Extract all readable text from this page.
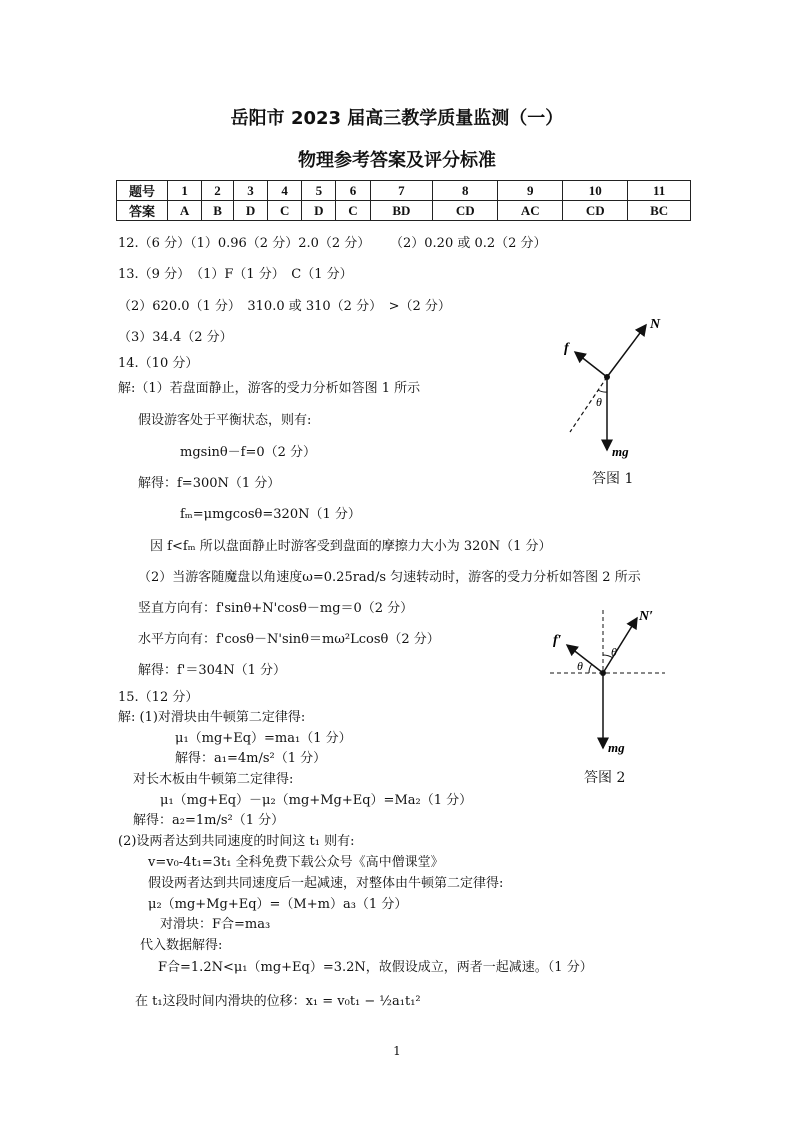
岳阳市 2023 届高三教学质量监测（一）
物理参考答案及评分标准
题号	1	2	3	4	5	6	7	8	9	10	11
答案	A	B	D	C	D	C	BD	CD	AC	CD	BC
12.（6 分）（1）0.96（2 分）2.0（2 分） （2）0.20 或 0.2（2 分）
13.（9 分）　（1）F（1 分）　C（1 分）
（2）620.0（1 分）　310.0 或 310（2 分）　>（2 分）
（3）34.4（2 分）
14.（10 分）
解:（1）若盘面静止，游客的受力分析如答图 1 所示
假设游客处于平衡状态，则有:
mgsinθ－f=0（2 分）
解得：f=300N（1 分）
fₘ=μmgcosθ=320N（1 分）
因 f<fₘ 所以盘面静止时游客受到盘面的摩擦力大小为 320N（1 分）
（2）当游客随魔盘以角速度ω=0.25rad/s 匀速转动时，游客的受力分析如答图 2 所示
竖直方向有：f'sinθ+N'cosθ－mg＝0（2 分）
水平方向有：f'cosθ－N'sinθ＝mω²Lcosθ（2 分）
解得：f'＝304N（1 分）
15.（12 分）
解: (1)对滑块由牛顿第二定律得:
μ₁（mg+Eq）=ma₁（1 分）
解得：a₁=4m/s²（1 分）
对长木板由牛顿第二定律得:
μ₁（mg+Eq）－μ₂（mg+Mg+Eq）=Ma₂（1 分）
解得：a₂=1m/s²（1 分）
(2)设两者达到共同速度的时间这 t₁ 则有:
v=v₀-4t₁=3t₁ 全科免费下载公众号《高中僧课堂》
假设两者达到共同速度后一起减速，对整体由牛顿第二定律得:
μ₂（mg+Mg+Eq）=（M+m）a₃（1 分）
对滑块：F合=ma₃
代入数据解得:
F合=1.2N<μ₁（mg+Eq）=3.2N，故假设成立，两者一起减速。（1 分）
在 t₁这段时间内滑块的位移：x₁ = v₀t₁ − ½a₁t₁²
N
f
θ
mg
答图 1
N′
f′
θ
θ
mg
答图 2
1
